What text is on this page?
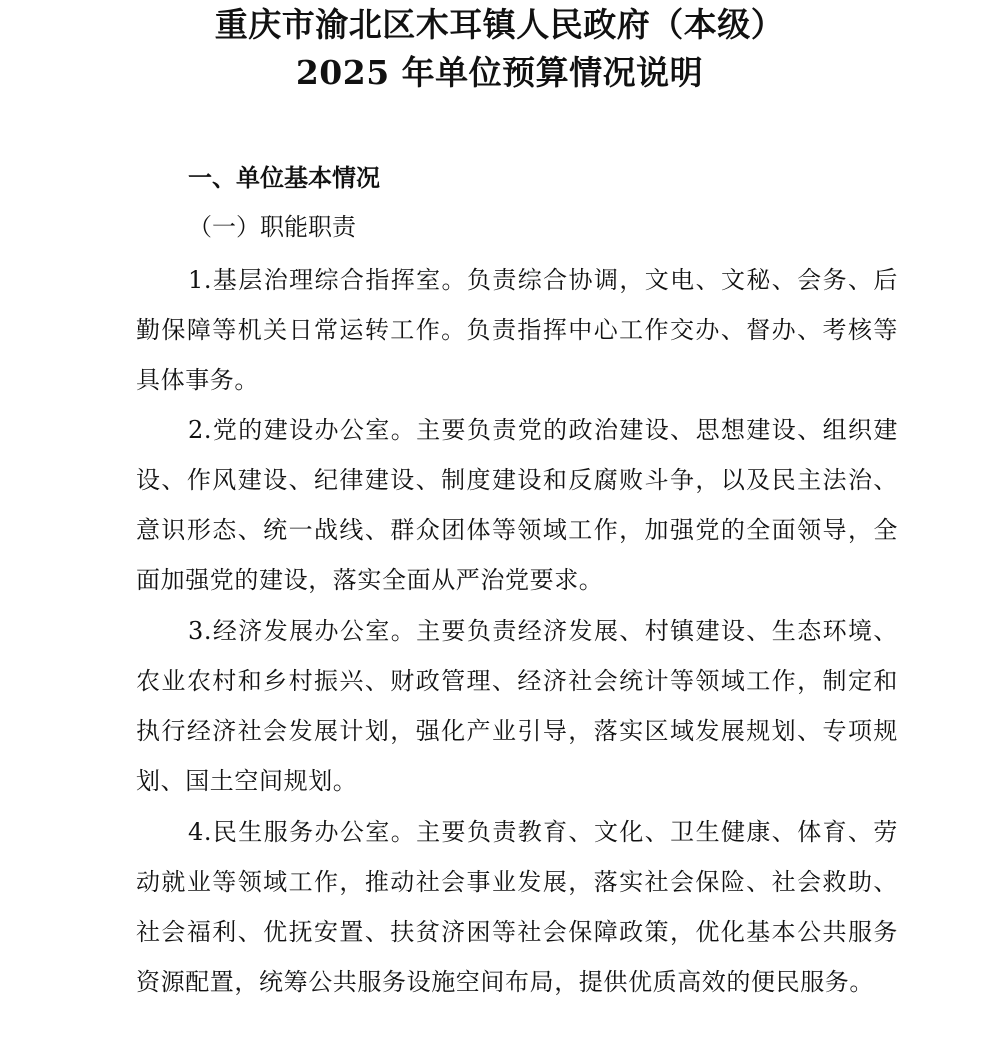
重庆市渝北区木耳镇人民政府（本级）
2025 年单位预算情况说明
一、单位基本情况
（一）职能职责

1.基层治理综合指挥室。负责综合协调，文电、文秘、会务、后勤保障等机关日常运转工作。负责指挥中心工作交办、督办、考核等具体事务。

2.党的建设办公室。主要负责党的政治建设、思想建设、组织建设、作风建设、纪律建设、制度建设和反腐败斗争，以及民主法治、意识形态、统一战线、群众团体等领域工作，加强党的全面领导，全面加强党的建设，落实全面从严治党要求。

3.经济发展办公室。主要负责经济发展、村镇建设、生态环境、农业农村和乡村振兴、财政管理、经济社会统计等领域工作，制定和执行经济社会发展计划，强化产业引导，落实区域发展规划、专项规划、国土空间规划。

4.民生服务办公室。主要负责教育、文化、卫生健康、体育、劳动就业等领域工作，推动社会事业发展，落实社会保险、社会救助、社会福利、优抚安置、扶贫济困等社会保障政策，优化基本公共服务资源配置，统筹公共服务设施空间布局，提供优质高效的便民服务。
